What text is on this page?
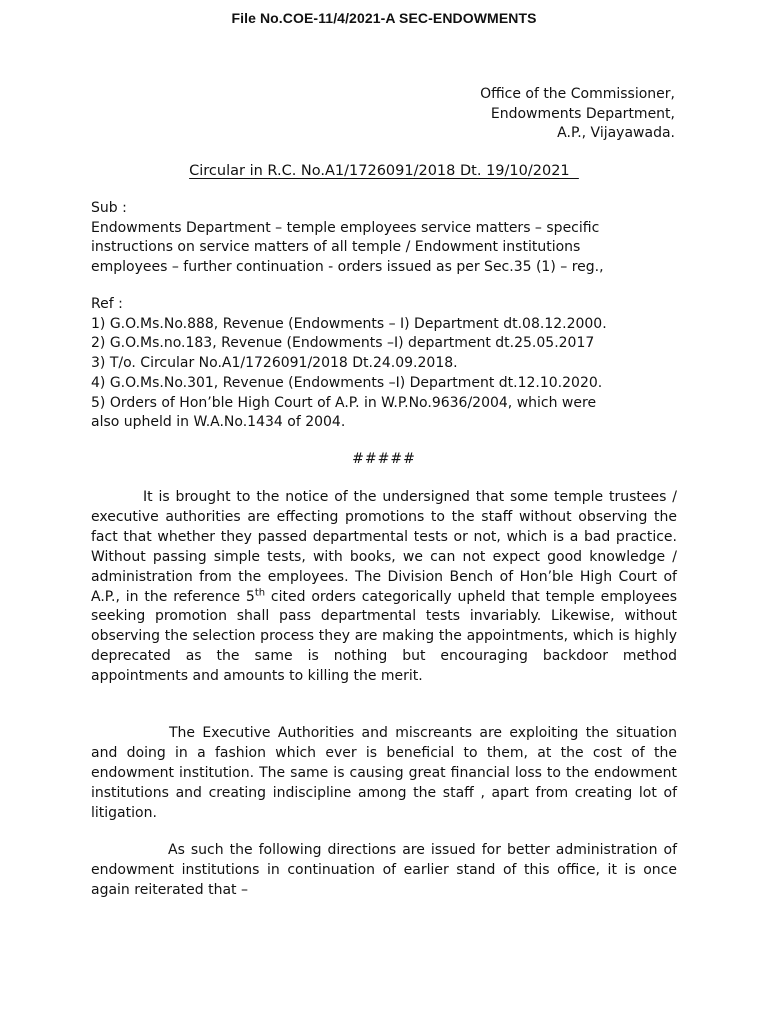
File No.COE-11/4/2021-A SEC-ENDOWMENTS
Office of the Commissioner,
Endowments Department,
A.P., Vijayawada.
Circular in R.C. No.A1/1726091/2018 Dt. 19/10/2021
Sub :
Endowments Department – temple employees service matters – specific
instructions on service matters of all temple / Endowment institutions
employees – further continuation - orders issued as per Sec.35 (1) – reg.,
Ref :
1) G.O.Ms.No.888, Revenue (Endowments – I) Department dt.08.12.2000.
2) G.O.Ms.no.183, Revenue (Endowments –I) department dt.25.05.2017
3) T/o. Circular No.A1/1726091/2018 Dt.24.09.2018.
4) G.O.Ms.No.301, Revenue (Endowments –I) Department dt.12.10.2020.
5) Orders of Hon’ble High Court of A.P. in W.P.No.9636/2004, which were
also upheld in W.A.No.1434 of 2004.
#####

It is brought to the notice of the undersigned that some temple trustees / executive authorities are effecting promotions to the staff without observing the fact that whether they passed departmental tests or not, which is a bad practice. Without passing simple tests, with books, we can not expect good knowledge / administration from the employees. The Division Bench of Hon’ble High Court of A.P., in the reference 5th cited orders categorically upheld that temple employees seeking promotion shall pass departmental tests invariably. Likewise, without observing the selection process they are making the appointments, which is highly deprecated as the same is nothing but encouraging backdoor method appointments and amounts to killing the merit.

The Executive Authorities and miscreants are exploiting the situation and doing in a fashion which ever is beneficial to them, at the cost of the endowment institution. The same is causing great financial loss to the endowment institutions and creating indiscipline among the staff , apart from creating lot of litigation.

As such the following directions are issued for better administration of endowment institutions in continuation of earlier stand of this office, it is once again reiterated that –
